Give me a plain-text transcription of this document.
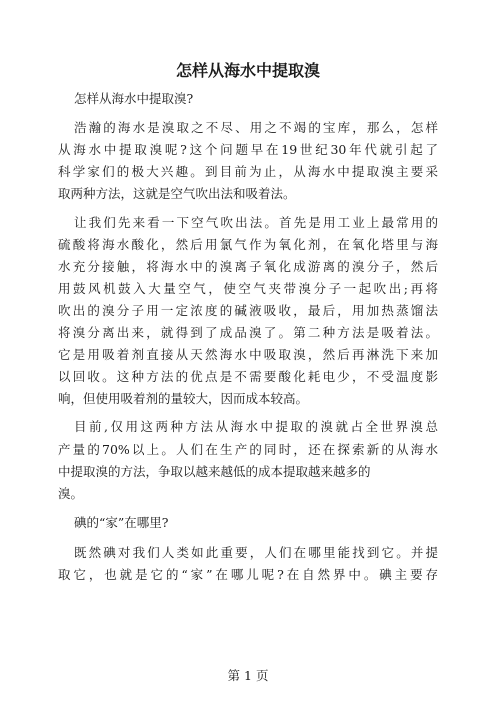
怎样从海水中提取溴
怎样从海水中提取溴?
浩瀚的海水是溴取之不尽、用之不竭的宝库，那么，怎样
从海水中提取溴呢?这个问题早在19世纪30年代就引起了
科学家们的极大兴趣。到目前为止，从海水中提取溴主要采
取两种方法，这就是空气吹出法和吸着法。
让我们先来看一下空气吹出法。首先是用工业上最常用的
硫酸将海水酸化，然后用氯气作为氧化剂，在氧化塔里与海
水充分接触，将海水中的溴离子氧化成游离的溴分子，然后
用鼓风机鼓入大量空气，使空气夹带溴分子一起吹出;再将
吹出的溴分子用一定浓度的碱液吸收，最后，用加热蒸馏法
将溴分离出来，就得到了成品溴了。第二种方法是吸着法。
它是用吸着剂直接从天然海水中吸取溴，然后再淋洗下来加
以回收。这种方法的优点是不需要酸化耗电少，不受温度影
响，但使用吸着剂的量较大，因而成本较高。
目前,仅用这两种方法从海水中提取的溴就占全世界溴总
产量的70%以上。人们在生产的同时，还在探索新的从海水
中提取溴的方法，争取以越来越低的成本提取越来越多的
溴。
碘的“家”在哪里?
既然碘对我们人类如此重要，人们在哪里能找到它。并提
取它，也就是它的“家”在哪儿呢?在自然界中。碘主要存
第 1 页
